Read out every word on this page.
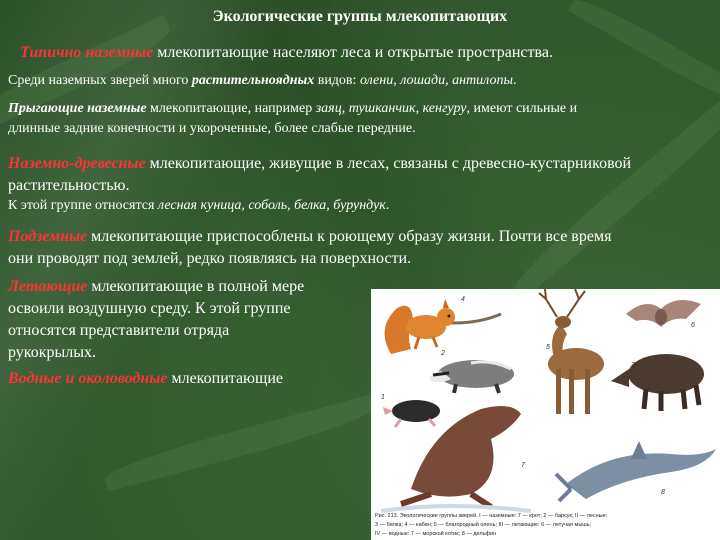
Экологические группы млекопитающих
Типично наземные млекопитающие населяют леса и открытые пространства.
Среди наземных зверей много растительноядных видов: олени, лошади, антилопы.
Прыгающие наземные млекопитающие, например заяц, тушканчик, кенгуру, имеют сильные и
длинные задние конечности и укороченные, более слабые передние.
Наземно-древесные млекопитающие, живущие в лесах, связаны с древесно-кустарниковой
растительностью.
К этой группе относятся лесная куница, соболь, белка, бурундук.
Подземные млекопитающие приспособлены к роющему образу жизни. Почти все время
они проводят под землей, редко появляясь на поверхности.
Летающие млекопитающие в полной мере
освоили воздушную среду. К этой группе
относятся представители отряда
рукокрылых.
Водные и околоводные млекопитающие
4
2
1
5
6
3
7
8
Рис. 213. Экологические группы зверей. I — наземные: 7 — крот; 2 — барсук; II — лесные:
3 — белка; 4 — кабан; 5 — благородный олень; III — летающие: 6 — летучая мышь;
IV — водные: 7 — морской котик; 8 — дельфин
